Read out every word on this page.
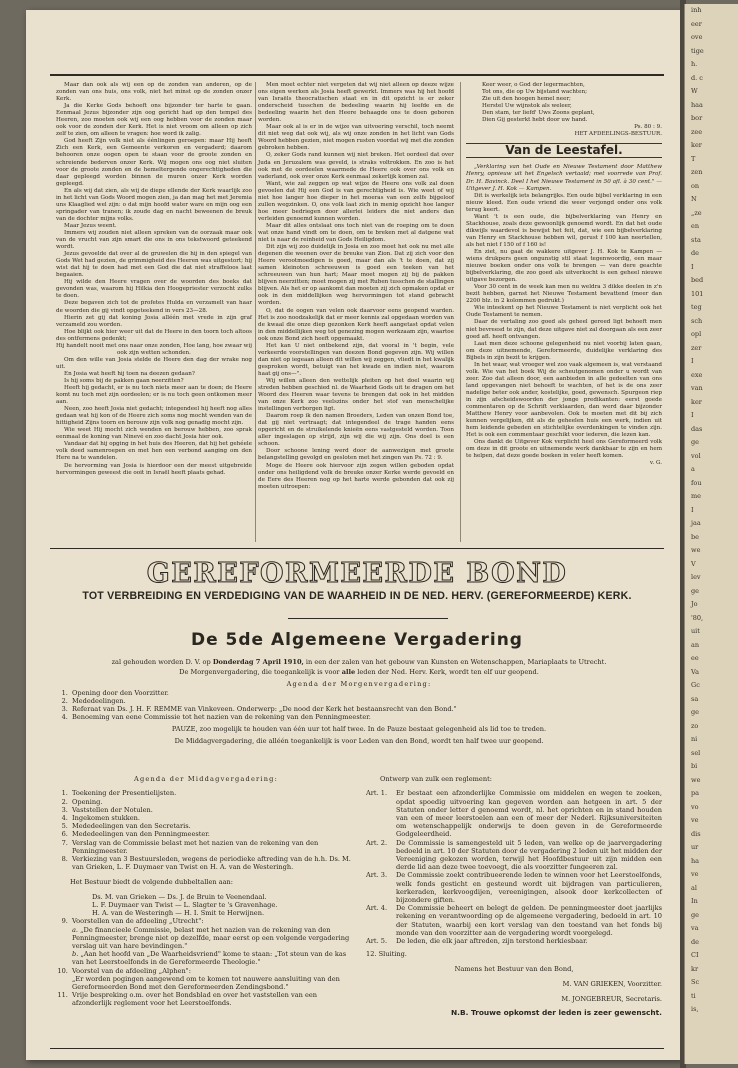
Maar dan ook als wij een op de zonden van anderen, op de zonden van ons huis, ons volk, niet het minst op de zonden onzer Kerk.

Ja die Kerke Gods behoeft ons bijzonder ter harte te gaan. Eenmaal Jezus bijzonder zijn oog gericht had op den tempel des Heeren, zoo moeten ook wij een oog hebben voor de zonden maar ook voor de zonden der Kerk. Het is niet vroom om alleen op zich zelf te zien, om alleen te vragen: hoe word ik zalig.

God heeft Zijn volk niet als éénlingen geroepen: maar Hij heeft Zich een Kerk, een Gemeente verkoren en vergaderd; daarom behooren onze oogen open te staan voor de groote zonden en schreiende bederven onzer Kerk. Wij mogen ons oog niet sluiten voor de groote zonden en de hemeltergende ongerechtigheden die daar gepleegd worden binnen de muren onzer Kerk worden gepleegd.

En als wij dat zien, als wij de diepe ellende der Kerk waarlijk zoo in het licht van Gods Woord mogen zien, ja dan mag het met Jeremia uns Klaaglied wel zijn: o dat mijn hoofd water ware en mijn oog een springader van tranen; ik zoude dag en nacht beweenen de breuk van de dochter mijns volks.

Maar Jezus weent.

Immers wij zouden niet alleen spreken van de oorzaak maar ook van de vrucht van zijn smart die ons in ons tekstwoord geteekend wordt.

Jezus gevoelde dat over al de gruwelen die hij in den spiegel van Gods Wet had gezien, de grimmigheid des Heeren was uitgestort; hij wist dat hij te doen had met een God die dat niet straffeloos laat begaaien.

Hij wilde den Heere vragen over de woorden des boeks dat gevonden was, waarom hij Hilkia den Hoogepriester verzocht zulks te doen.

Deze begaven zich tot de profetes Hulda en verzamelt van haar de woorden die gij vindt opgeteekend in vers 23—28.

Hierin zet gij dat koning Josia alléén met vrede in zijn graf verzameld zou worden.

Hoe blijkt ook hier weer uit dat de Heere in den toorn toch altoos des ontfermens gedenkt;

Hij handelt nooit met ons naar onze zonden, Hoe lang, hoe zwaar wij ook zijn wetten schonden.

Om den wille van Josia stelde de Heere den dag der wrake nog uit.

En Josia wat heeft hij toen na deezen gedaan?

Is hij soms bij de pakken gaan neerzitten?

Heeft hij gedacht, er is nu toch niets meer aan te doen; de Heere komt nu toch met zijn oordeelen; er is nu toch geen ontkomen meer aan.

Neen, zoo heeft Josia niet gedacht; integendeel hij heeft nog alles gedaan wat hij kon of de Heere zich soms nog mocht wenden van de hittigheid Zijns toorn en berouw zijn volk nog genadig mocht zijn.

Wie weet Hij mocht zich wenden en berouw hebben, zoo sprak eenmaal de koning van Ninevé en zoo dacht Josia hier ook.

Vandaar dat hij opging in het huis des Heeren, dat hij het gehéele volk deed samenroepen en met hen een verbond aanging om den Here na te wandelen.

De hervorming van Josia is hierdoor een der meest uitgebreide hervormingen geweest die ooit in Israël heeft plaats gehad.

Men moet echter niet vergeten dat wij niet alleen op deeze wijze ons eigen werken als Josia heeft gewerkt. Immers was hij het hoofd van Israëls theocratischen staat en in dit opzicht is er zeker onderscheid tusschen de bedeeling waarin hij leefde en de bedeeling waarin het den Heere behaagde ons te doen geboren worden.

Maar ook al is er in de wijze van uitvoering verschil, toch neemt dit niet weg dat ook wij, als wij onze zonden in het licht van Gods Woord hebben gezien, niet mogen rusten voordat wij met die zonden gebroken hebben.

O, zeker Gods rand kunnen wij niet breken. Het oordeel dat over Juda en Jeruzalem was geveld, is straks voltrokken. En zoo is het ook met de oordeelen waarmede de Heere ook over ons volk en vaderland, ook over onze Kerk eenmaal zekerlijk komen zal.

Want, wie zal zeggen op wat wijze de Heere ons volk zal doen gevoelen dat Hij een God is van gerechtigheid is. Wie weet of wij niet hoe langer hoe dieper in het moeras van een zelfs bijgeloof zullen wegzinken. O, ons volk laat zich in menig opzicht hoe langer hoe meer bedriegen door allerlei leiders die niet anders dan verleiden genoemd kunnen worden.

Maar dit alles ontslaat ons toch niet van de roeping om te doen wat onze hand vindt om te doen, om te breken met al datgene wat niet is naar de reinheid van Gods Heiligdom.

Dit zijn wij zoo duidelijk in Josia en zoo moet het ook nu met alle degenen die weenen over de breuke van Zion. Dat zij zich voor den Heere verootmoedigen is goed, maar dan als 't te doen, dat zij samen kleinoten schreeuwen is goed een teeken van het schreeuwen van hun hart; Maar moet mogen zij bij de pakken blijven neerzitten; moet mogen zij met Ruben tusschen de stallingen blijven. Als het er op aankomt dan moeten zij zich opmaken opdat er ook in den middellijken weg hervormingen tot stand gebracht worden.

O, dat de oogen van velen ook daarvoor eens geopend warden. Het is zoo noodzakelijk dat er meer kennis zal opgedaan worden van de kwaal die onze diep gezonken Kerk heeft aangetast opdat velen in den middellijken weg tot genezing mogen werkzaam zijn, waartoe ook onze Bond zich heeft opgemaakt.

Het kan U niet ontbekend zijn, dat vooral in 't begin, vele verkeerde voorstellingen van deezen Bond gegeven zijn. Wij willen dan niet op iegeaan alleen dit willen wij zeggen, vliedt in het kwalijk gesproken wordt, betuigt van het kwade en indien niet, waarom haat gij ons—".

Wij willen alleen den wettelijk pleiten op het doel waarin wij streden hebben geschied nl. de Waarheid Gods uit te dragen om het Woord des Heeren waar tevens te brengen dat ook in het midden van onze Kerk zoo veelszins onder het stof van menschelijke instellingen verborgen ligt.

Daarom roep ik den namen Broeders, Leden van onzen Bond toe, dat gij niet vertraagt; dat integendeel de trage handen eens opgericht en de struikelende knieën eens vastgesteld worden. Toon aller ingeslagen op strijd, zijn wij die wij zijn. Ons doel is een schoon.

Door schoone lening werd door de aanwezigen met groote belangstelling gevolgd en gesloten met het zingen van Ps. 72 : 9.

Moge de Heere ook hiervoor zijn zegen willen geboden opdat onder ons heiligdend volk de breuke onzer Kerke werde gevoeld en de Eere des Heeren nog op het harte werde gebonden dat ook zij moeten uitroepen:

Keer weer, o God der legermachten,

Tot ons, die op Uw bijstand wachten;

Zie uit den hoogen hemel neer;

Herstel Uw wijnstok als weleer,

Den stam, ter liefd' Uws Zoons geplant,

Dien Gij gesterkt hebt door uw hand.

Ps. 80 : 9.

HET AFDEELINGS-BESTUUR.

Van de Leestafel.

„Verklaring van het Oude en Nieuwe Testament door Matthew Henry, opnieuw uit het Engelsch vertaald; met voorrede van Prof. Dr. H. Bavinck. Deel I het Nieuwe Testament in 50 afl. à 30 cent." — Uitgever J. H. Kok — Kampen.

Dit is werkelijk iets belangrijks. Een oude bijbel verklaring in een nieuw kleed. Een oude vriend die weer verjongd onder ons volk terug keert.

Want 't is een oude, die bijbelverklaring van Henry en Stackhouse, zoals deze gewoonlijk genoemd wordt. En dat het oude dikwijls waardevol is bewijst het feit, dat, wie een bijbelverklaring van Henry en Stackhouse hebben wil, gerust f 100 kan neertellen, als het niet f 150 of f 160 is!

En ziet, nu gaat de wakkere uitgever J. H. Kok te Kampen — wiens drukpers geen ongunstig stil staat tegenwoordig, een maar nieuwe boeken onder ons volk te brengen — van dere geachte bijbelverklaring, die zoo goed als uitverkocht is een geheel nieuwe uitgave bezorgen.

Voor 30 cent in de week kan men nu weldra 3 dikke deelen in z'n bezit hebben, garnst het Nieuwe Testament bevattend (meer dan 2200 blz. in 2 kolommen gedrukt.)

Wie inteekent op het Nieuwe Testament is niet verplicht ook het Oude Testament te nemen.

Daar de vertaling zoo goed als geheel gereed ligt behoeft men niet bevreesd te zijn, dat deze uitgave niet zal doorgaan als een zeer goed afl. heeft ontvangen.

Laat men deze schoone gelegenheid nu niet voorbij laten gaan, om deze uitnemende, Gereformeerde, duidelijke verklaring des Bijbels in zijn bezit te krijgen.

In het waar, wat vroeger wel zoo vaak algemeen is, wat verstaand volk. Wie van het boek Wij de scheutgenomen onder u wordt van zeer. Zoo dat alleen door, een aanbieden in alle gedeelten van ons land opgevangen niet behoeft te wachten, of het is de ons zeer nadelige beter ook ander, kostelijke, goed, gewensch. Spurgeon riep in zijn afscheidswoorden der jonge predikanten: eerst goede commentaren op de Schrift verklaarden, dan werd daar bijzonder Matthew Henry voor aanbevolen. Ook te moeten met dit bij zich kunnen vergelijken, dit als de geheelen huis een werk, indien uit hem leidende gebeden en stichtelijke overdenkingen te vinden zijn. Het is ook een commentaar geschikt voor iederen, die lezen kan.

Ons dankt de Uitgever Kok verplicht heel ons Gereformeerd volk om deze in dit groote en uitnemende werk dankbaar te zijn en hem te helpen, dat deze goede boeken in veler heeft komen.

v. G.

GEREFORMEERDE BOND
TOT VERBREIDING EN VERDEDIGING VAN DE WAARHEID IN DE NED. HERV. (GEREFORMEERDE) KERK.
De 5de Algemeene Vergadering

zal gehouden worden D. V. op Donderdag 7 April 1910, in een der zalen van het gebouw van Kunsten en Wetenschappen, Mariaplaats te Utrecht.

De Morgenvergadering, die toegankelijk is voor alle leden der Ned. Herv. Kerk, wordt ten elf uur geopend.

Agenda der Morgenvergadering:

1. Opening door den Voorzitter.
2. Mededeelingen.
3. Referaat van Ds. J. H. F. REMME van Vinkeveen. Onderwerp: „De nood der Kerk het bestaansrecht van den Bond."
4. Benoeming van eene Commissie tot het nazien van de rekening van den Penningmeester.

PAUZE, zoo mogelijk te houden van één uur tot half twee. In de Pauze bestaat gelegenheid als lid toe te treden.

De Middagvergadering, die alléén toegankelijk is voor Leden van den Bond, wordt ten half twee uur geopend.

Agenda der Middagvergadering:

1. Toekening der Presentielijsten.
2. Opening.
3. Vaststellen der Notulen.
4. Ingekomen stukken.
5. Mededeelingen van den Secretaris.
6. Mededeelingen van den Penningmeester.
7. Verslag van de Commissie belast met het nazien van de rekening van den Penningmeester.
8. Verkiezing van 3 Bestuursleden, wegens de periodieke aftreding van de h.h. Ds. M. van Grieken, L. F. Duymaer van Twist en H. A. van de Westeringh.

Het Bestuur biedt de volgende dubbeltallen aan:

Ds. M. van Grieken — Ds. J. de Bruin te Veenendaal.
L. F. Duymaer van Twist — L. Slagter te 's Gravenhage.
H. A. van de Westeringh — H. I. Smit te Herwijnen.
9. Voorstellen van de afdeeling „Utrecht":
a. „De financieele Commissie, belast met het nazien van de rekening van den Penningmeester, brenge niet op dezelfde, maar eerst op een volgende vergadering verslag uit van hare bevindingen."
b. „Aan het hoofd van „De Waarheidsvriend" kome te staan: „Tot steun van de kas van het Leerstoelfonds in de Gereformeerde Theologie."
10. Voorstel van de afdeeling „Alphen":
„Er worden pogingen aangewend om te komen tot nauwere aansluiting van den Gereformeerden Bond met den Gereformeerden Zendingsbond."
11. Vrije bespreking o.m. over het Bondsblad en over het vaststellen van een afzonderlijk reglement voor het Leerstoelfonds.

Ontwerp van zulk een reglement:

Art. 1.	Er bestaat een afzonderlijke Commissie om middelen en wegen te zoeken, opdat spoedig uitvoering kan gegeven worden aan hetgeen in art. 5 der Statuten onder letter d genoemd wordt, nl. het oprichten en in stand houden van een of meer leerstoelen aan een of meer der Nederl. Rijksuniversiteiten om wetenschappelijk onderwijs te doen geven in de Gereformeerde Godgeleerdheid.
Art. 2.	De Commissie is samengesteld uit 5 leden, van welke op de jaarvergadering bedoeld in art. 10 der Statuten door de vergadering 2 leden uit het midden der Vereeniging gekozen worden, terwijl het Hoofdbestuur uit zijn midden een derde lid aan deze twee toevoegt, die als voorzitter fungeeren zal.
Art. 3.	De Commissie zoekt contribueerende leden te winnen voor het Leerstoelfonds, welk fonds gesticht en gesteund wordt uit bijdragen van particulieren, kerkeraden, kerkvoogdijen, vereenigingen, alsook door kerkcollecten of bijzondere giften.
Art. 4.	De Commissie beheert en belegt de gelden. De penningmeester doet jaarlijks rekening en verantwoording op de algemeene vergadering, bedoeld in art. 10 der Statuten, waarbij een kort verslag van den toestand van het fonds bij monde van den voorzitter aan de vergadering wordt voorgelegd.
Art. 5.	De leden, die elk jaar aftreden, zijn terstond herkiesbaar.

12. Sluiting.

Namens het Bestuur van den Bond,

M. VAN GRIEKEN, Voorzitter.

M. JONGEBREUR, Secretaris.

N.B. Trouwe opkomst der leden is zeer gewenscht.

inh
eer
ove
tige
h.
d. c
W
haa
bor
zee
ker
T
zen
on
N
„ze
en
sta
de
I
bed
101
teg
sch
opl
zer
I
exe
van
ker
I
das
ge
vol
a
fou
me
I
jaa
be
we
V
lev
ge
Jo
'80,
uit
an
ee
Va
Gc
sa
ge
zo
ni
sel
bi
we
pa
vo
ve
dis
ur
ha
ve
al
In
ge
va
de
CI
kr
Sc
ti
is,
